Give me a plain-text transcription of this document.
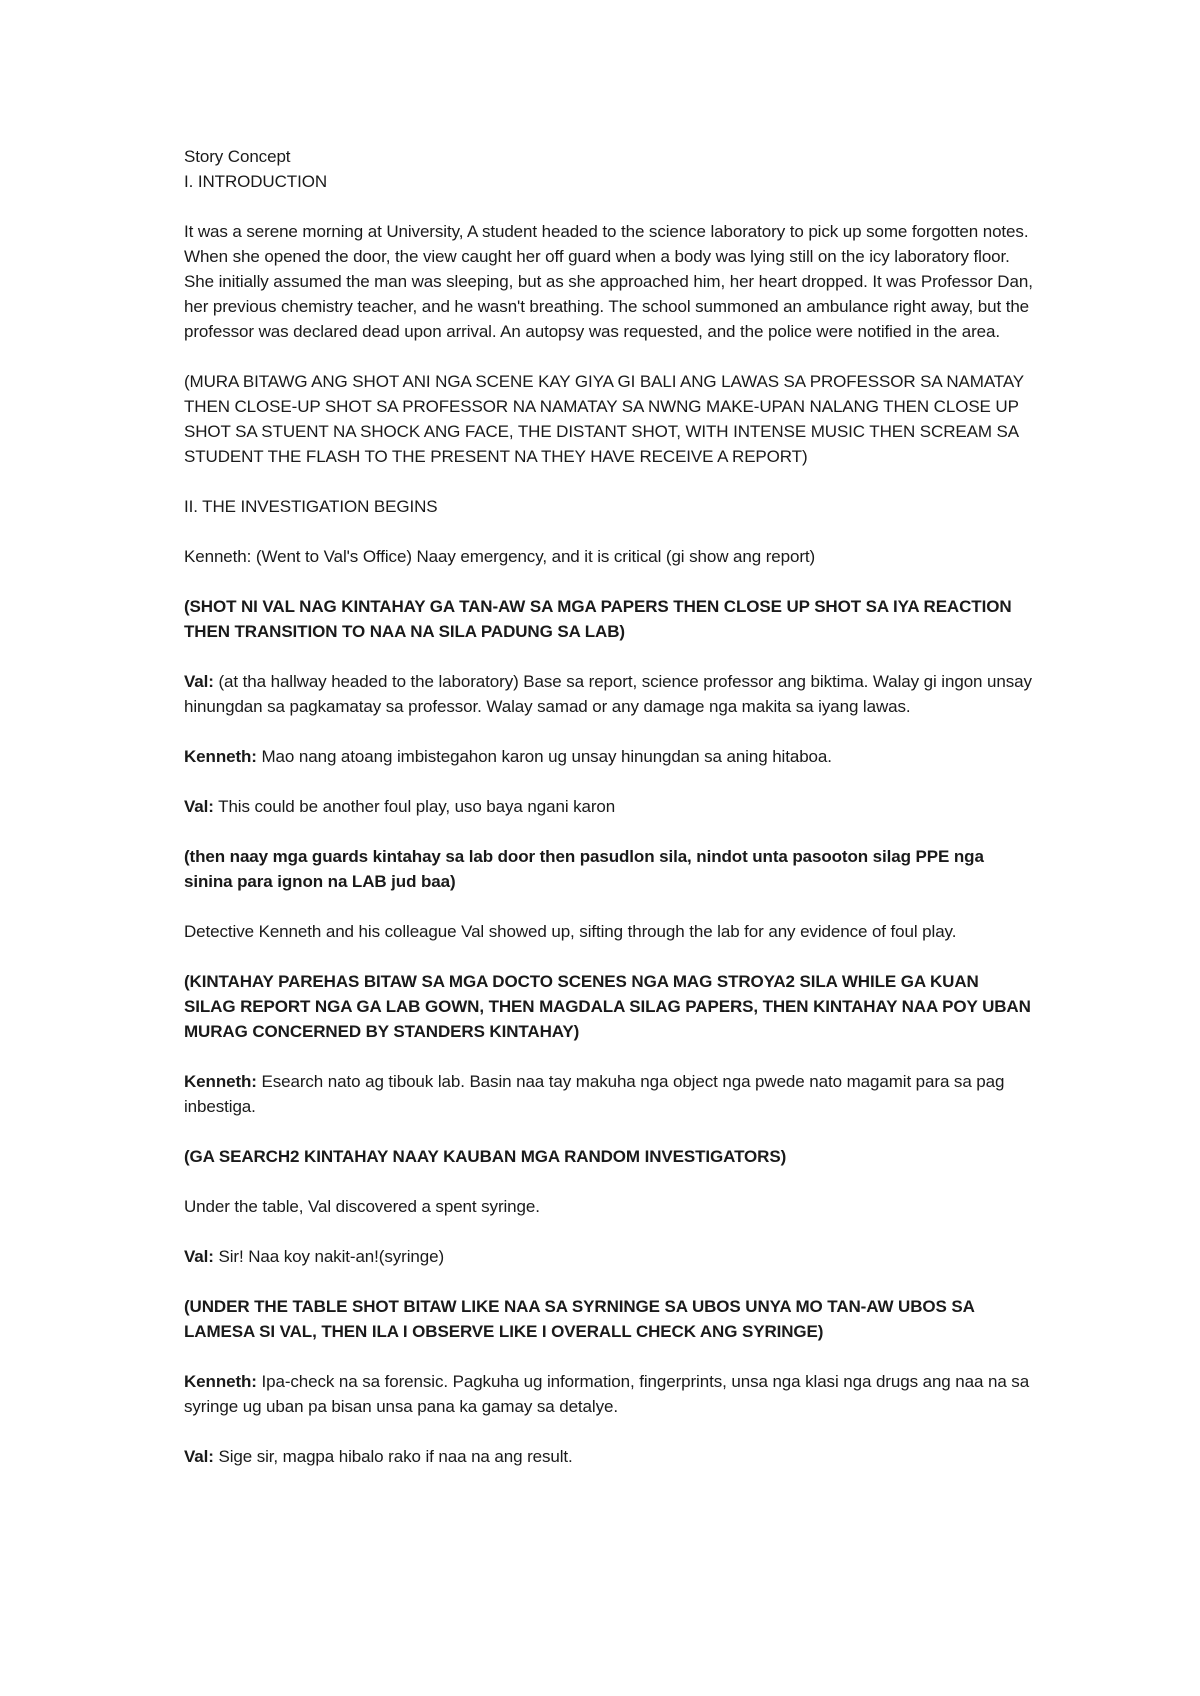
Story Concept

I. INTRODUCTION

It was a serene morning at University, A student headed to the science laboratory to pick up some forgotten notes. When she opened the door, the view caught her off guard when a body was lying still on the icy laboratory floor. She initially assumed the man was sleeping, but as she approached him, her heart dropped. It was Professor Dan, her previous chemistry teacher, and he wasn't breathing. The school summoned an ambulance right away, but the professor was declared dead upon arrival. An autopsy was requested, and the police were notified in the area.

(MURA BITAWG ANG SHOT ANI NGA SCENE KAY GIYA GI BALI ANG LAWAS SA PROFESSOR SA NAMATAY THEN CLOSE-UP SHOT SA PROFESSOR NA NAMATAY SA NWNG MAKE-UPAN NALANG THEN CLOSE UP SHOT SA STUENT NA SHOCK ANG FACE, THE DISTANT SHOT, WITH INTENSE MUSIC THEN SCREAM SA STUDENT THE FLASH TO THE PRESENT NA THEY HAVE RECEIVE A REPORT)

II. THE INVESTIGATION BEGINS

Kenneth: (Went to Val's Office) Naay emergency, and it is critical (gi show ang report)

(SHOT NI VAL NAG KINTAHAY GA TAN-AW SA MGA PAPERS THEN CLOSE UP SHOT SA IYA REACTION THEN TRANSITION TO NAA NA SILA PADUNG SA LAB)

Val: (at tha hallway headed to the laboratory) Base sa report, science professor ang biktima. Walay gi ingon unsay hinungdan sa pagkamatay sa professor. Walay samad or any damage nga makita sa iyang lawas.

Kenneth: Mao nang atoang imbistegahon karon ug unsay hinungdan sa aning hitaboa.

Val: This could be another foul play, uso baya ngani karon

(then naay mga guards kintahay sa lab door then pasudlon sila, nindot unta pasooton silag PPE nga sinina para ignon na LAB jud baa)

Detective Kenneth and his colleague Val showed up, sifting through the lab for any evidence of foul play.

(KINTAHAY PAREHAS BITAW SA MGA DOCTO SCENES NGA MAG STROYA2 SILA WHILE GA KUAN SILAG REPORT NGA GA LAB GOWN, THEN MAGDALA SILAG PAPERS, THEN KINTAHAY NAA POY UBAN MURAG CONCERNED BY STANDERS KINTAHAY)

Kenneth: Esearch nato ag tibouk lab. Basin naa tay makuha nga object nga pwede nato magamit para sa pag inbestiga.

(GA SEARCH2 KINTAHAY NAAY KAUBAN MGA RANDOM INVESTIGATORS)

Under the table, Val discovered a spent syringe.

Val: Sir! Naa koy nakit-an!(syringe)

(UNDER THE TABLE SHOT BITAW LIKE NAA SA SYRNINGE SA UBOS UNYA MO TAN-AW UBOS SA LAMESA SI VAL, THEN ILA I OBSERVE LIKE I OVERALL CHECK ANG SYRINGE)

Kenneth: Ipa-check na sa forensic. Pagkuha ug information, fingerprints, unsa nga klasi nga drugs ang naa na sa syringe ug uban pa bisan unsa pana ka gamay sa detalye.

Val: Sige sir, magpa hibalo rako if naa na ang result.
